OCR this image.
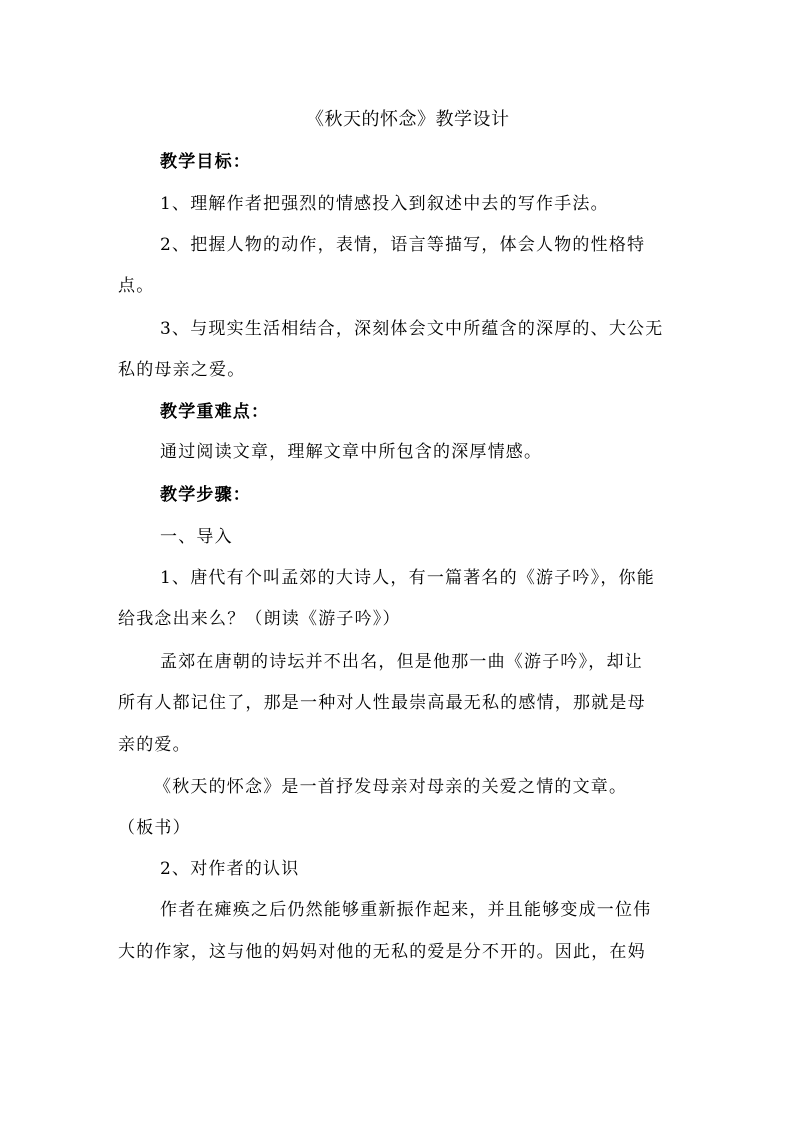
《秋天的怀念》教学设计
教学目标：
1、理解作者把强烈的情感投入到叙述中去的写作手法。
2、把握人物的动作，表情，语言等描写，体会人物的性格特
点。
3、与现实生活相结合，深刻体会文中所蕴含的深厚的、大公无
私的母亲之爱。
教学重难点：
通过阅读文章，理解文章中所包含的深厚情感。
教学步骤：
一、导入
1、唐代有个叫孟郊的大诗人，有一篇著名的《游子吟》，你能
给我念出来么？（朗读《游子吟》）
孟郊在唐朝的诗坛并不出名，但是他那一曲《游子吟》，却让
所有人都记住了，那是一种对人性最崇高最无私的感情，那就是母
亲的爱。
《秋天的怀念》是一首抒发母亲对母亲的关爱之情的文章。
（板书）
2、对作者的认识
作者在瘫痪之后仍然能够重新振作起来，并且能够变成一位伟
大的作家，这与他的妈妈对他的无私的爱是分不开的。因此，在妈
